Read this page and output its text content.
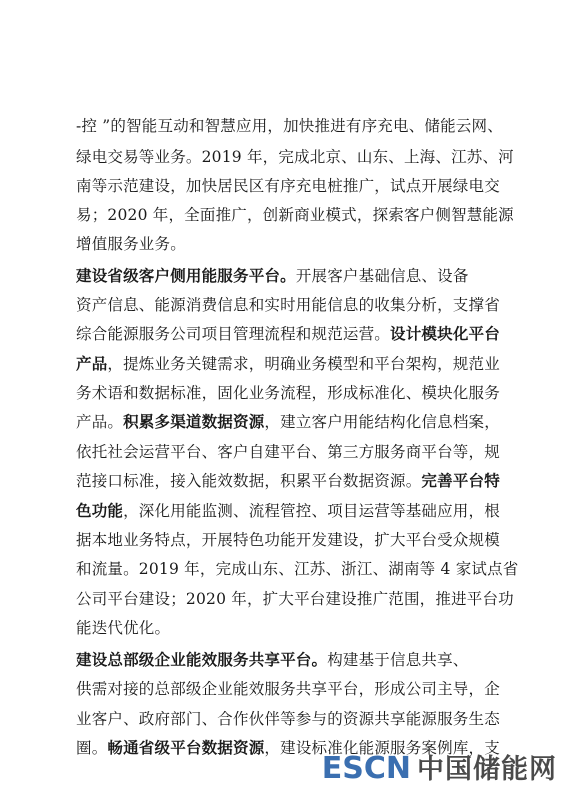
-控 ”的智能互动和智慧应用，加快推进有序充电、储能云网、
绿电交易等业务。2019 年，完成北京、山东、上海、江苏、河
南等示范建设，加快居民区有序充电桩推广，试点开展绿电交
易；2020 年，全面推广，创新商业模式，探索客户侧智慧能源
增值服务业务。
建设省级客户侧用能服务平台。开展客户基础信息、设备
资产信息、能源消费信息和实时用能信息的收集分析，支撑省
综合能源服务公司项目管理流程和规范运营。设计模块化平台
产品，提炼业务关键需求，明确业务模型和平台架构，规范业
务术语和数据标准，固化业务流程，形成标准化、模块化服务
产品。积累多渠道数据资源，建立客户用能结构化信息档案，
依托社会运营平台、客户自建平台、第三方服务商平台等，规
范接口标准，接入能效数据，积累平台数据资源。完善平台特
色功能，深化用能监测、流程管控、项目运营等基础应用，根
据本地业务特点，开展特色功能开发建设，扩大平台受众规模
和流量。2019 年，完成山东、江苏、浙江、湖南等 4 家试点省
公司平台建设；2020 年，扩大平台建设推广范围，推进平台功
能迭代优化。
建设总部级企业能效服务共享平台。构建基于信息共享、
供需对接的总部级企业能效服务共享平台，形成公司主导，企
业客户、政府部门、合作伙伴等参与的资源共享能源服务生态
圈。畅通省级平台数据资源，建设标准化能源服务案例库，支
ESCN 中国储能网
